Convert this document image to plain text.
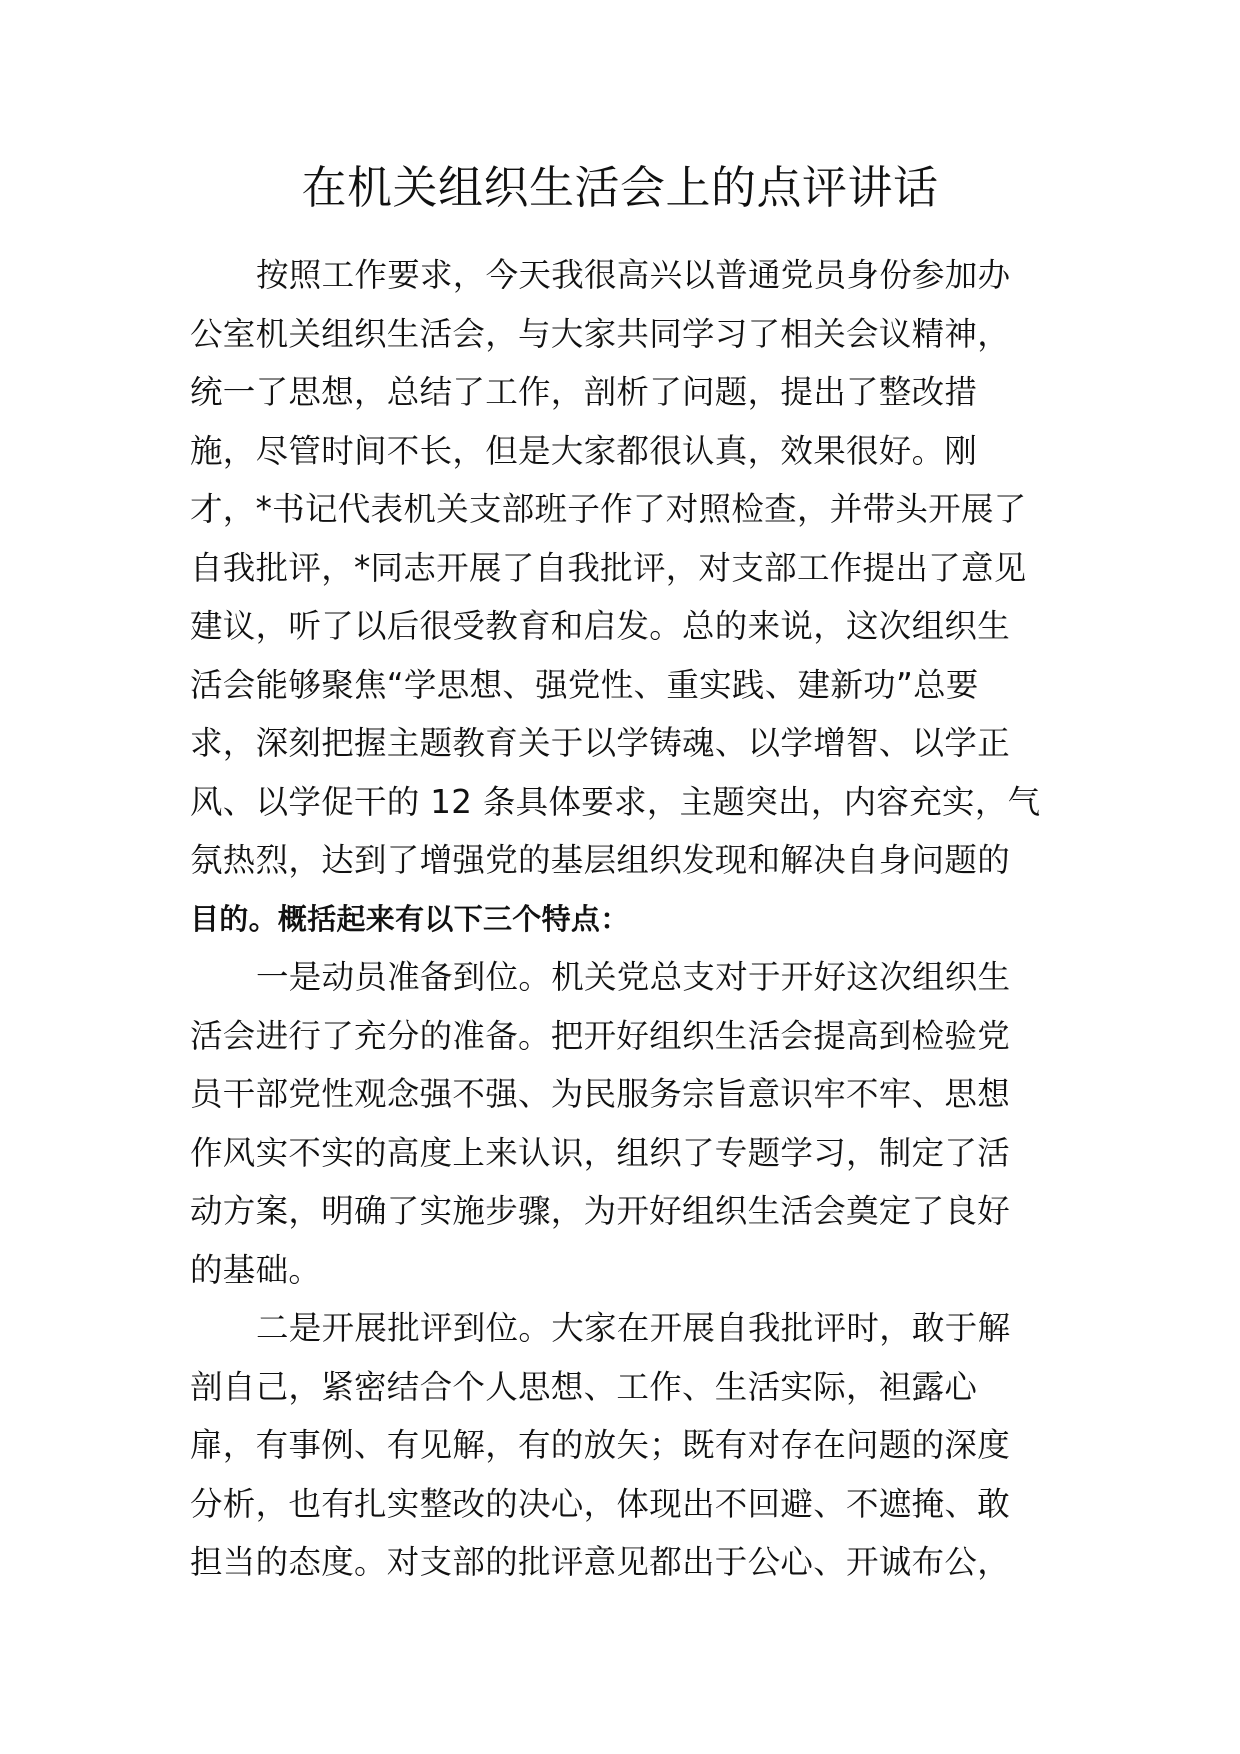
在机关组织生活会上的点评讲话
按照工作要求，今天我很高兴以普通党员身份参加办
公室机关组织生活会，与大家共同学习了相关会议精神，
统一了思想，总结了工作，剖析了问题，提出了整改措
施，尽管时间不长，但是大家都很认真，效果很好。刚
才，*书记代表机关支部班子作了对照检查，并带头开展了
自我批评，*同志开展了自我批评，对支部工作提出了意见
建议，听了以后很受教育和启发。总的来说，这次组织生
活会能够聚焦“学思想、强党性、重实践、建新功”总要
求，深刻把握主题教育关于以学铸魂、以学增智、以学正
风、以学促干的 12 条具体要求，主题突出，内容充实，气
氛热烈，达到了增强党的基层组织发现和解决自身问题的
目的。概括起来有以下三个特点：
一是动员准备到位。机关党总支对于开好这次组织生
活会进行了充分的准备。把开好组织生活会提高到检验党
员干部党性观念强不强、为民服务宗旨意识牢不牢、思想
作风实不实的高度上来认识，组织了专题学习，制定了活
动方案，明确了实施步骤，为开好组织生活会奠定了良好
的基础。
二是开展批评到位。大家在开展自我批评时，敢于解
剖自己，紧密结合个人思想、工作、生活实际，袒露心
扉，有事例、有见解，有的放矢；既有对存在问题的深度
分析，也有扎实整改的决心，体现出不回避、不遮掩、敢
担当的态度。对支部的批评意见都出于公心、开诚布公，
